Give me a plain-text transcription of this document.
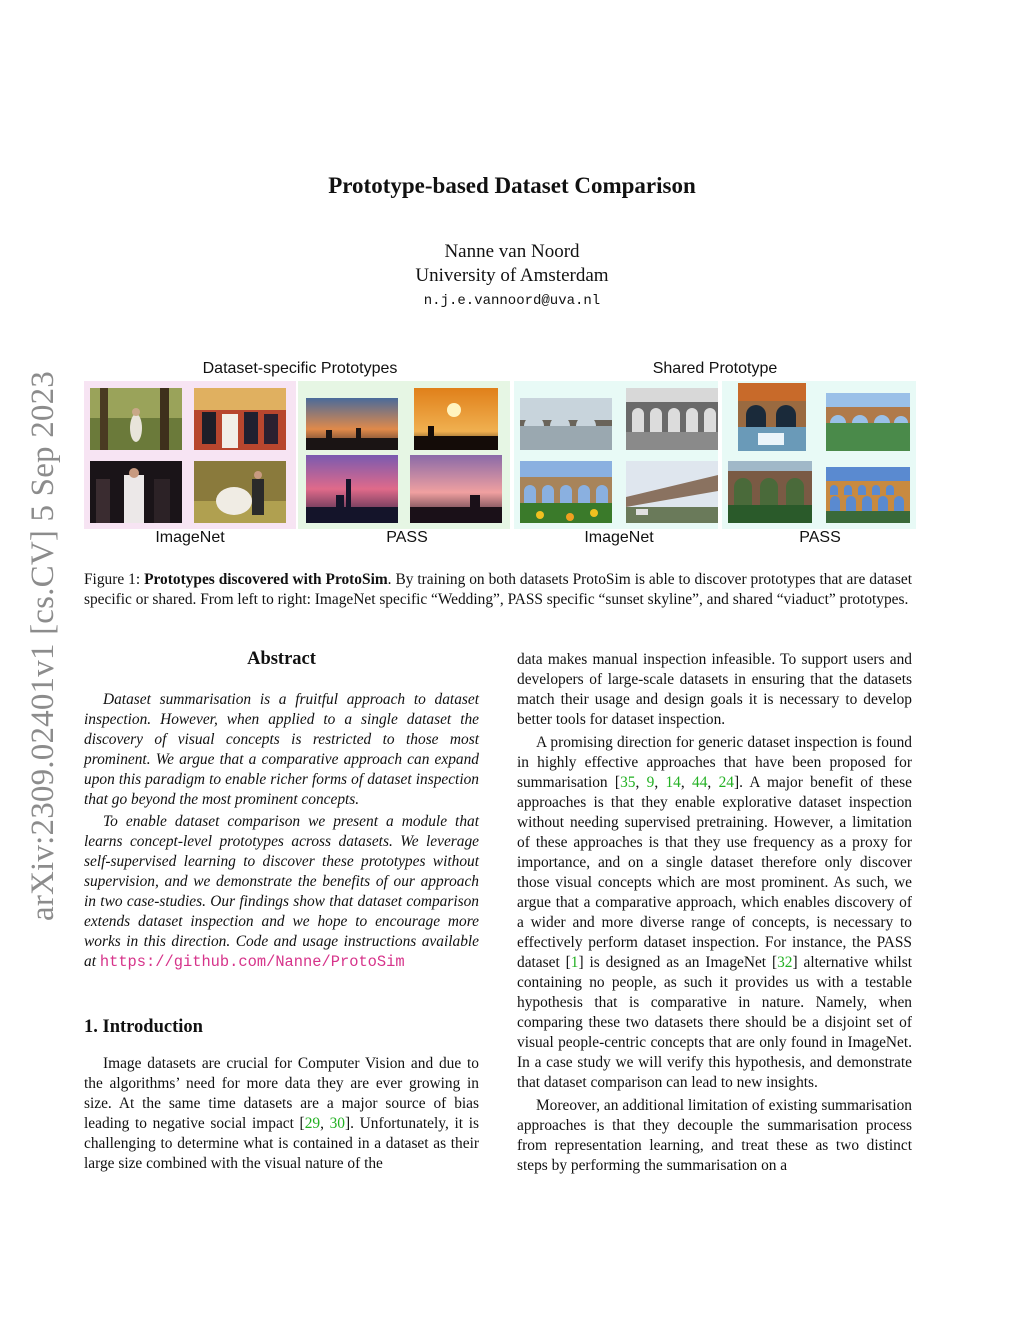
arXiv:2309.02401v1 [cs.CV] 5 Sep 2023
Prototype-based Dataset Comparison
Nanne van Noord
University of Amsterdam
n.j.e.vannoord@uva.nl
Dataset-specific Prototypes	Shared Prototype
ImageNet	PASS	ImageNet	PASS
Figure 1: Prototypes discovered with ProtoSim. By training on both datasets ProtoSim is able to discover prototypes that are dataset specific or shared. From left to right: ImageNet specific “Wedding”, PASS specific “sunset skyline”, and shared “viaduct” prototypes.
Abstract

Dataset summarisation is a fruitful approach to dataset inspection. However, when applied to a single dataset the discovery of visual concepts is restricted to those most prominent. We argue that a comparative approach can expand upon this paradigm to enable richer forms of dataset inspection that go beyond the most prominent concepts.

To enable dataset comparison we present a module that learns concept-level prototypes across datasets. We leverage self-supervised learning to discover these prototypes without supervision, and we demonstrate the benefits of our approach in two case-studies. Our findings show that dataset comparison extends dataset inspection and we hope to encourage more works in this direction. Code and usage instructions available at https://github.com/Nanne/ProtoSim

1. Introduction

Image datasets are crucial for Computer Vision and due to the algorithms’ need for more data they are ever growing in size. At the same time datasets are a major source of bias leading to negative social impact [29, 30]. Unfortunately, it is challenging to determine what is contained in a dataset as their large size combined with the visual nature of the

data makes manual inspection infeasible. To support users and developers of large-scale datasets in ensuring that the datasets match their usage and design goals it is necessary to develop better tools for dataset inspection.

A promising direction for generic dataset inspection is found in highly effective approaches that have been proposed for summarisation [35, 9, 14, 44, 24]. A major benefit of these approaches is that they enable explorative dataset inspection without needing supervised pretraining. However, a limitation of these approaches is that they use frequency as a proxy for importance, and on a single dataset therefore only discover those visual concepts which are most prominent. As such, we argue that a comparative approach, which enables discovery of a wider and more diverse range of concepts, is necessary to effectively perform dataset inspection. For instance, the PASS dataset [1] is designed as an ImageNet [32] alternative whilst containing no people, as such it provides us with a testable hypothesis that is comparative in nature. Namely, when comparing these two datasets there should be a disjoint set of visual people-centric concepts that are only found in ImageNet. In a case study we will verify this hypothesis, and demonstrate that dataset comparison can lead to new insights.

Moreover, an additional limitation of existing summarisation approaches is that they decouple the summarisation process from representation learning, and treat these as two distinct steps by performing the summarisation on a
